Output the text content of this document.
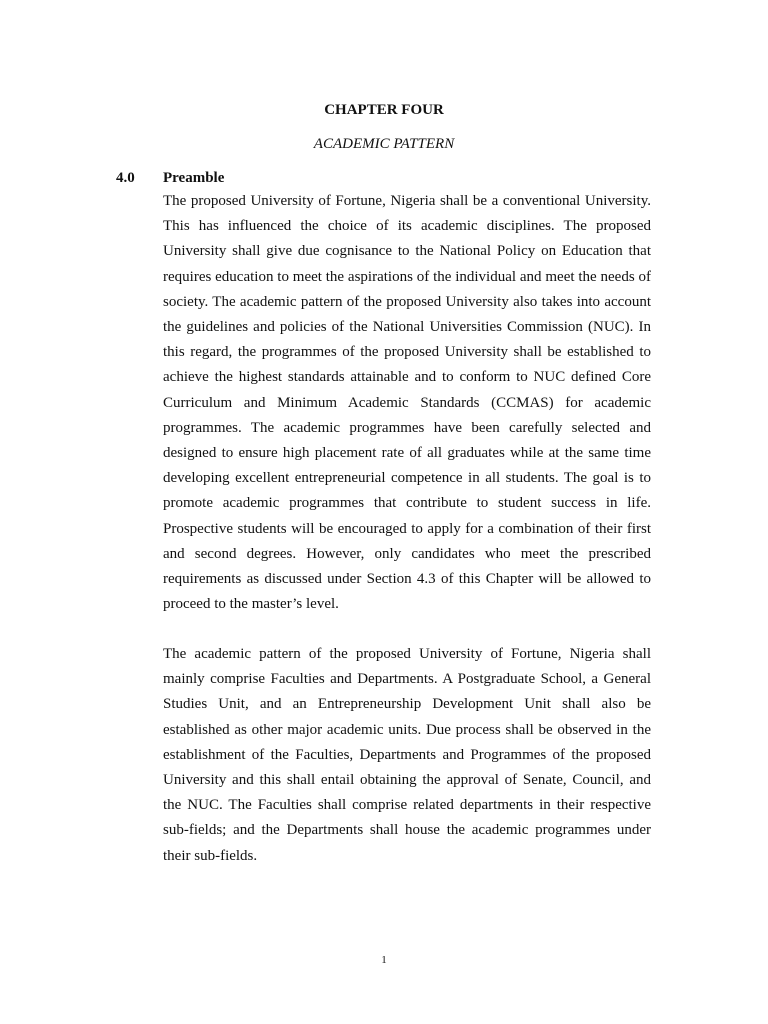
CHAPTER FOUR
ACADEMIC PATTERN
4.0 Preamble

The proposed University of Fortune, Nigeria shall be a conventional University. This has influenced the choice of its academic disciplines. The proposed University shall give due cognisance to the National Policy on Education that requires education to meet the aspirations of the individual and meet the needs of society. The academic pattern of the proposed University also takes into account the guidelines and policies of the National Universities Commission (NUC). In this regard, the programmes of the proposed University shall be established to achieve the highest standards attainable and to conform to NUC defined Core Curriculum and Minimum Academic Standards (CCMAS) for academic programmes. The academic programmes have been carefully selected and designed to ensure high placement rate of all graduates while at the same time developing excellent entrepreneurial competence in all students. The goal is to promote academic programmes that contribute to student success in life. Prospective students will be encouraged to apply for a combination of their first and second degrees. However, only candidates who meet the prescribed requirements as discussed under Section 4.3 of this Chapter will be allowed to proceed to the master’s level.

The academic pattern of the proposed University of Fortune, Nigeria shall mainly comprise Faculties and Departments. A Postgraduate School, a General Studies Unit, and an Entrepreneurship Development Unit shall also be established as other major academic units. Due process shall be observed in the establishment of the Faculties, Departments and Programmes of the proposed University and this shall entail obtaining the approval of Senate, Council, and the NUC. The Faculties shall comprise related departments in their respective sub-fields; and the Departments shall house the academic programmes under their sub-fields.

1
